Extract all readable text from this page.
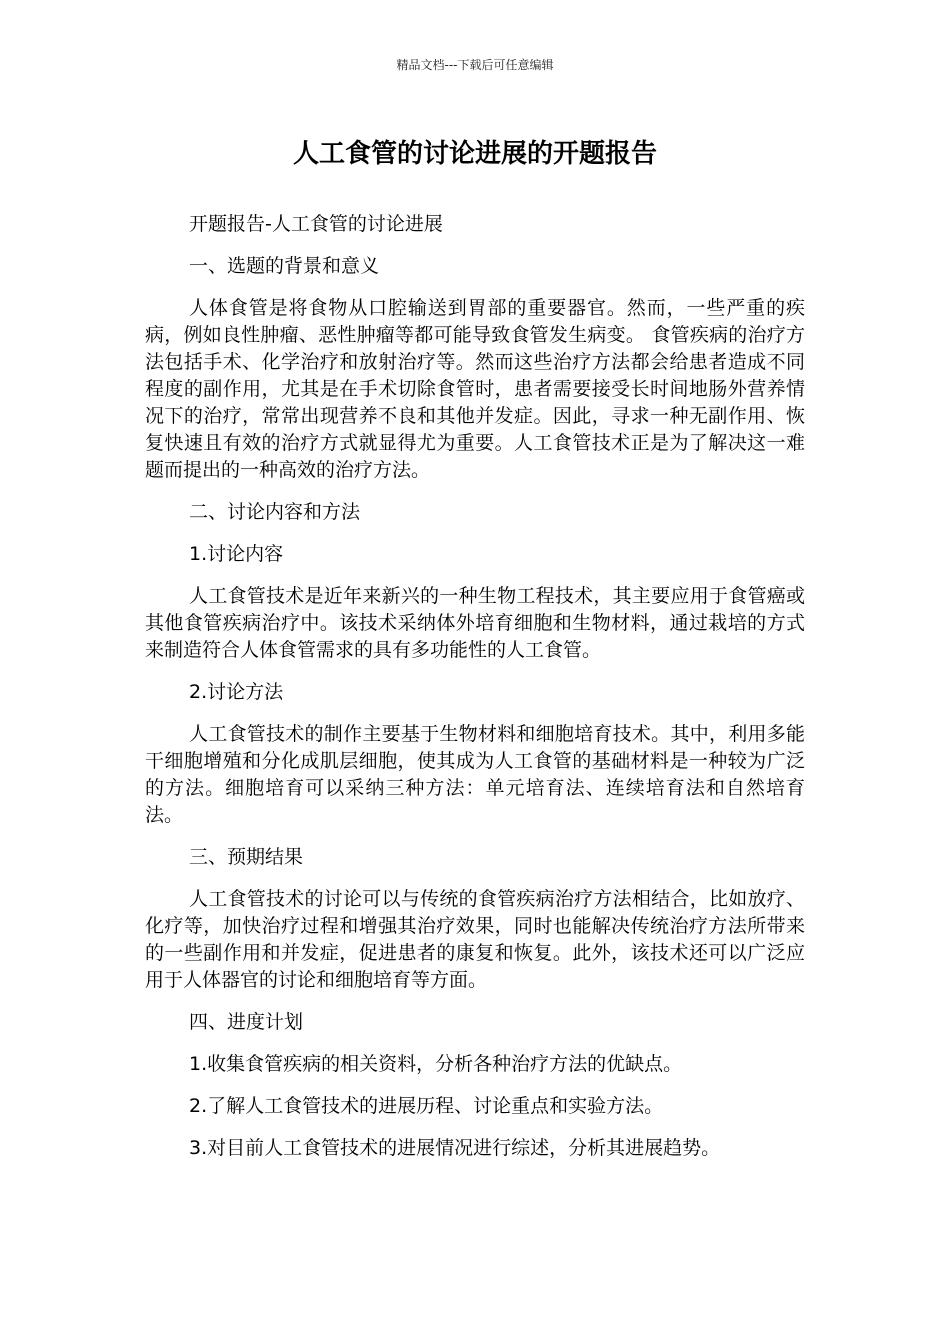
精品文档---下载后可任意编辑
人工食管的讨论进展的开题报告

开题报告-人工食管的讨论进展

一、选题的背景和意义

人体食管是将食物从口腔输送到胃部的重要器官。然而，一些严重的疾病，例如良性肿瘤、恶性肿瘤等都可能导致食管发生病变。 食管疾病的治疗方法包括手术、化学治疗和放射治疗等。然而这些治疗方法都会给患者造成不同程度的副作用，尤其是在手术切除食管时，患者需要接受长时间地肠外营养情况下的治疗，常常出现营养不良和其他并发症。因此，寻求一种无副作用、恢复快速且有效的治疗方式就显得尤为重要。人工食管技术正是为了解决这一难题而提出的一种高效的治疗方法。

二、讨论内容和方法

1.讨论内容

人工食管技术是近年来新兴的一种生物工程技术，其主要应用于食管癌或其他食管疾病治疗中。该技术采纳体外培育细胞和生物材料，通过栽培的方式来制造符合人体食管需求的具有多功能性的人工食管。

2.讨论方法

人工食管技术的制作主要基于生物材料和细胞培育技术。其中，利用多能干细胞增殖和分化成肌层细胞，使其成为人工食管的基础材料是一种较为广泛的方法。细胞培育可以采纳三种方法：单元培育法、连续培育法和自然培育法。

三、预期结果

人工食管技术的讨论可以与传统的食管疾病治疗方法相结合，比如放疗、化疗等，加快治疗过程和增强其治疗效果，同时也能解决传统治疗方法所带来的一些副作用和并发症，促进患者的康复和恢复。此外，该技术还可以广泛应用于人体器官的讨论和细胞培育等方面。

四、进度计划

1.收集食管疾病的相关资料，分析各种治疗方法的优缺点。

2.了解人工食管技术的进展历程、讨论重点和实验方法。

3.对目前人工食管技术的进展情况进行综述，分析其进展趋势。
